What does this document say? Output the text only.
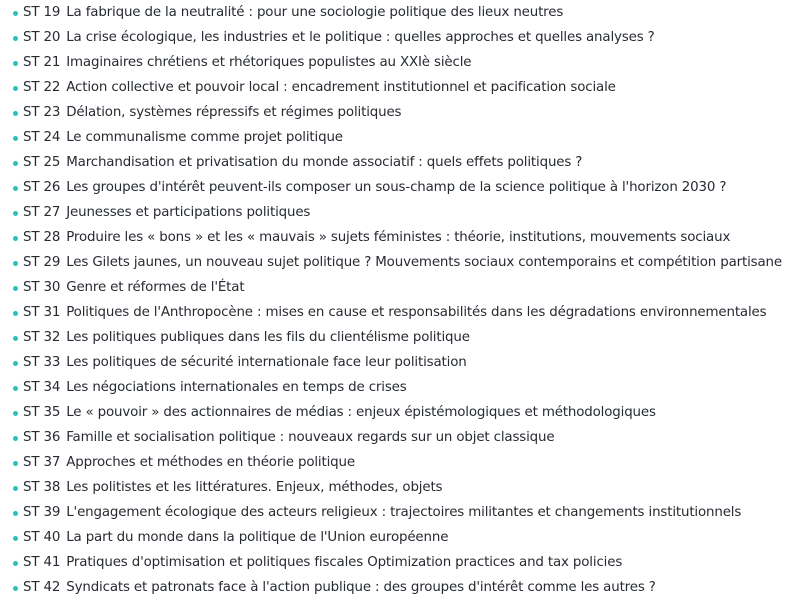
ST 19 La fabrique de la neutralité : pour une sociologie politique des lieux neutres
ST 20 La crise écologique, les industries et le politique : quelles approches et quelles analyses ?
ST 21 Imaginaires chrétiens et rhétoriques populistes au XXIè siècle
ST 22 Action collective et pouvoir local : encadrement institutionnel et pacification sociale
ST 23 Délation, systèmes répressifs et régimes politiques
ST 24 Le communalisme comme projet politique
ST 25 Marchandisation et privatisation du monde associatif : quels effets politiques ?
ST 26 Les groupes d'intérêt peuvent-ils composer un sous-champ de la science politique à l'horizon 2030 ?
ST 27 Jeunesses et participations politiques
ST 28 Produire les « bons » et les « mauvais » sujets féministes : théorie, institutions, mouvements sociaux
ST 29 Les Gilets jaunes, un nouveau sujet politique ? Mouvements sociaux contemporains et compétition partisane
ST 30 Genre et réformes de l'État
ST 31 Politiques de l'Anthropocène : mises en cause et responsabilités dans les dégradations environnementales
ST 32 Les politiques publiques dans les fils du clientélisme politique
ST 33 Les politiques de sécurité internationale face leur politisation
ST 34 Les négociations internationales en temps de crises
ST 35 Le « pouvoir » des actionnaires de médias : enjeux épistémologiques et méthodologiques
ST 36 Famille et socialisation politique : nouveaux regards sur un objet classique
ST 37 Approches et méthodes en théorie politique
ST 38 Les politistes et les littératures. Enjeux, méthodes, objets
ST 39 L'engagement écologique des acteurs religieux : trajectoires militantes et changements institutionnels
ST 40 La part du monde dans la politique de l'Union européenne
ST 41 Pratiques d'optimisation et politiques fiscales Optimization practices and tax policies
ST 42 Syndicats et patronats face à l'action publique : des groupes d'intérêt comme les autres ?
